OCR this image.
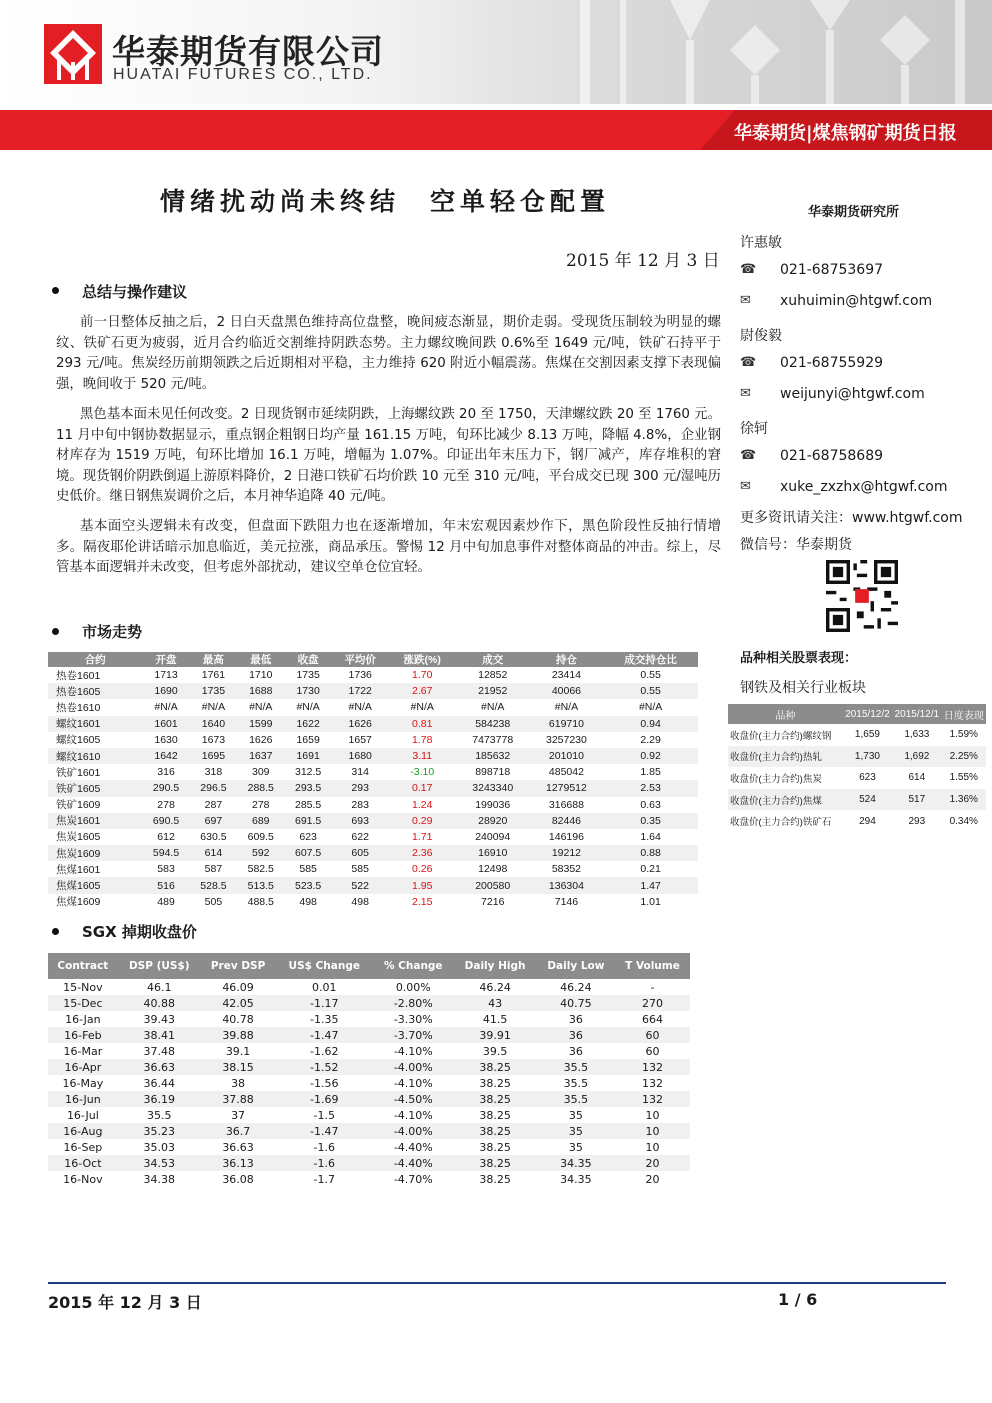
华泰期货有限公司
HUATAI FUTURES CO., LTD.
华泰期货|煤焦钢矿期货日报
情绪扰动尚未终结　空单轻仓配置
2015 年 12 月 3 日
总结与操作建议
前一日整体反抽之后，2 日白天盘黑色维持高位盘整，晚间疲态渐显，期价走弱。受现货压制较为明显的螺纹、铁矿石更为疲弱，近月合约临近交割维持阴跌态势。主力螺纹晚间跌 0.6%至 1649 元/吨，铁矿石持平于 293 元/吨。焦炭经历前期领跌之后近期相对平稳，主力维持 620 附近小幅震荡。焦煤在交割因素支撑下表现偏强，晚间收于 520 元/吨。
黑色基本面未见任何改变。2 日现货钢市延续阴跌，上海螺纹跌 20 至 1750，天津螺纹跌 20 至 1760 元。11 月中旬中钢协数据显示，重点钢企粗钢日均产量 161.15 万吨，旬环比减少 8.13 万吨，降幅 4.8%，企业钢材库存为 1519 万吨，旬环比增加 16.1 万吨，增幅为 1.07%。印证出年末压力下，钢厂减产，库存堆积的窘境。现货钢价阴跌倒逼上游原料降价，2 日港口铁矿石均价跌 10 元至 310 元/吨，平台成交已现 300 元/湿吨历史低价。继日钢焦炭调价之后，本月神华追降 40 元/吨。
基本面空头逻辑未有改变，但盘面下跌阻力也在逐渐增加，年末宏观因素炒作下，黑色阶段性反抽行情增多。隔夜耶伦讲话暗示加息临近，美元拉涨，商品承压。警惕 12 月中旬加息事件对整体商品的冲击。综上，尽管基本面逻辑并未改变，但考虑外部扰动，建议空单仓位宜轻。
市场走势
合约	开盘	最高	最低	收盘	平均价	涨跌(%)	成交	持仓	成交持仓比
热卷1601	1713	1761	1710	1735	1736	1.70	12852	23414	0.55
热卷1605	1690	1735	1688	1730	1722	2.67	21952	40066	0.55
热卷1610	#N/A	#N/A	#N/A	#N/A	#N/A	#N/A	#N/A	#N/A	#N/A
螺纹1601	1601	1640	1599	1622	1626	0.81	584238	619710	0.94
螺纹1605	1630	1673	1626	1659	1657	1.78	7473778	3257230	2.29
螺纹1610	1642	1695	1637	1691	1680	3.11	185632	201010	0.92
铁矿1601	316	318	309	312.5	314	-3.10	898718	485042	1.85
铁矿1605	290.5	296.5	288.5	293.5	293	0.17	3243340	1279512	2.53
铁矿1609	278	287	278	285.5	283	1.24	199036	316688	0.63
焦炭1601	690.5	697	689	691.5	693	0.29	28920	82446	0.35
焦炭1605	612	630.5	609.5	623	622	1.71	240094	146196	1.64
焦炭1609	594.5	614	592	607.5	605	2.36	16910	19212	0.88
焦煤1601	583	587	582.5	585	585	0.26	12498	58352	0.21
焦煤1605	516	528.5	513.5	523.5	522	1.95	200580	136304	1.47
焦煤1609	489	505	488.5	498	498	2.15	7216	7146	1.01
SGX 掉期收盘价
Contract	DSP (US$)	Prev DSP	US$ Change	% Change	Daily High	Daily Low	T Volume
15-Nov	46.1	46.09	0.01	0.00%	46.24	46.24	-
15-Dec	40.88	42.05	-1.17	-2.80%	43	40.75	270
16-Jan	39.43	40.78	-1.35	-3.30%	41.5	36	664
16-Feb	38.41	39.88	-1.47	-3.70%	39.91	36	60
16-Mar	37.48	39.1	-1.62	-4.10%	39.5	36	60
16-Apr	36.63	38.15	-1.52	-4.00%	38.25	35.5	132
16-May	36.44	38	-1.56	-4.10%	38.25	35.5	132
16-Jun	36.19	37.88	-1.69	-4.50%	38.25	35.5	132
16-Jul	35.5	37	-1.5	-4.10%	38.25	35	10
16-Aug	35.23	36.7	-1.47	-4.00%	38.25	35	10
16-Sep	35.03	36.63	-1.6	-4.40%	38.25	35	10
16-Oct	34.53	36.13	-1.6	-4.40%	38.25	34.35	20
16-Nov	34.38	36.08	-1.7	-4.70%	38.25	34.35	20
华泰期货研究所
许惠敏
☎ 021-68753697
✉ xuhuimin@htgwf.com
尉俊毅
☎ 021-68755929
✉ weijunyi@htgwf.com
徐轲
☎ 021-68758689
✉ xuke_zxzhx@htgwf.com
更多资讯请关注：www.htgwf.com
微信号：华泰期货
品种相关股票表现：
钢铁及相关行业板块
品种	2015/12/2	2015/12/1	日度表现
收盘价(主力合约)螺纹钢	1,659	1,633	1.59%
收盘价(主力合约)热轧	1,730	1,692	2.25%
收盘价(主力合约)焦炭	623	614	1.55%
收盘价(主力合约)焦煤	524	517	1.36%
收盘价(主力合约)铁矿石	294	293	0.34%
2015 年 12 月 3 日	1 / 6
